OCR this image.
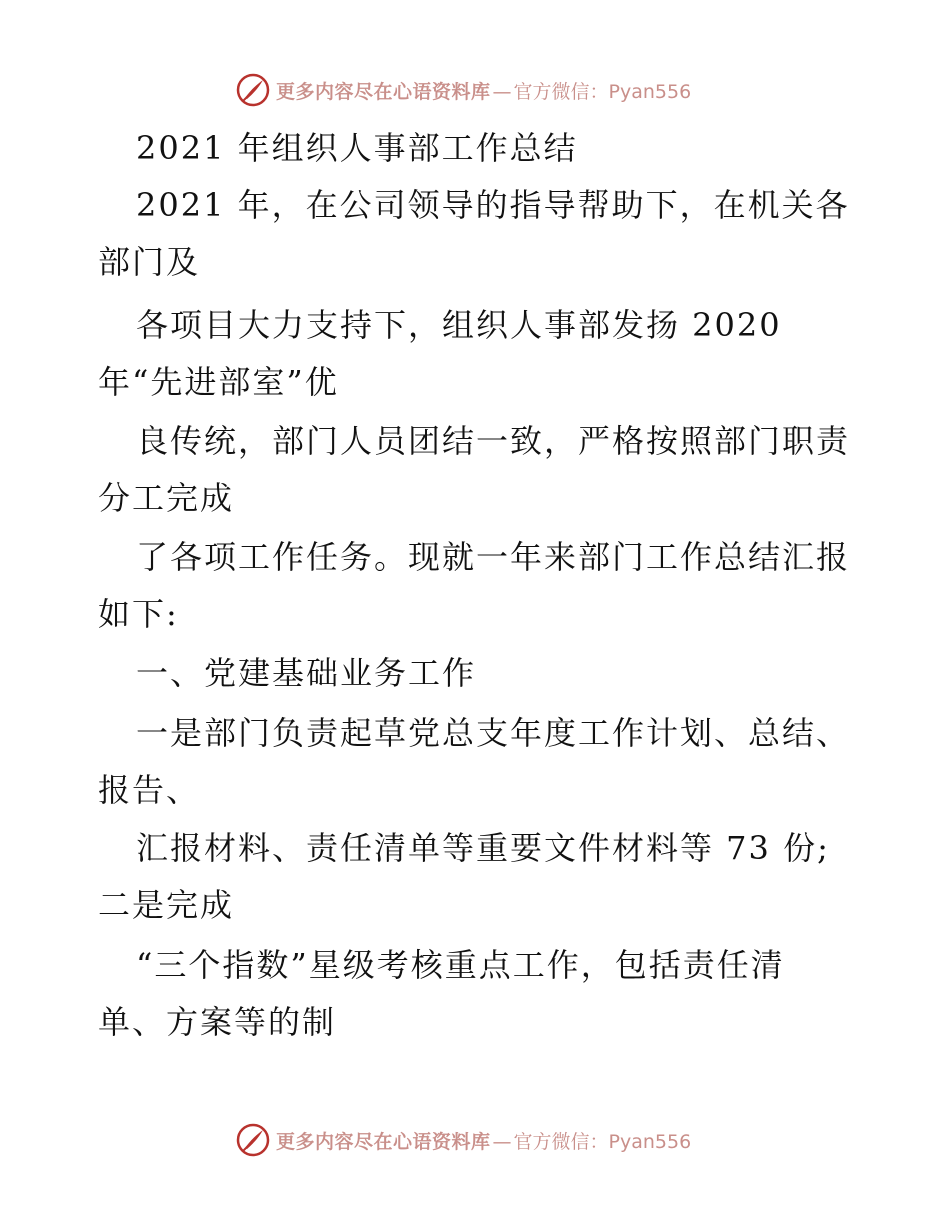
更多内容尽在心语资料库 — 官方微信：Pyan556
2021 年组织人事部工作总结
2021 年，在公司领导的指导帮助下，在机关各
部门及
各项目大力支持下，组织人事部发扬 2020
年“先进部室”优
良传统，部门人员团结一致，严格按照部门职责
分工完成
了各项工作任务。现就一年来部门工作总结汇报
如下:
一、党建基础业务工作
一是部门负责起草党总支年度工作计划、总结、
报告、
汇报材料、责任清单等重要文件材料等 73 份;
二是完成
“三个指数”星级考核重点工作，包括责任清
单、方案等的制
更多内容尽在心语资料库 — 官方微信：Pyan556
